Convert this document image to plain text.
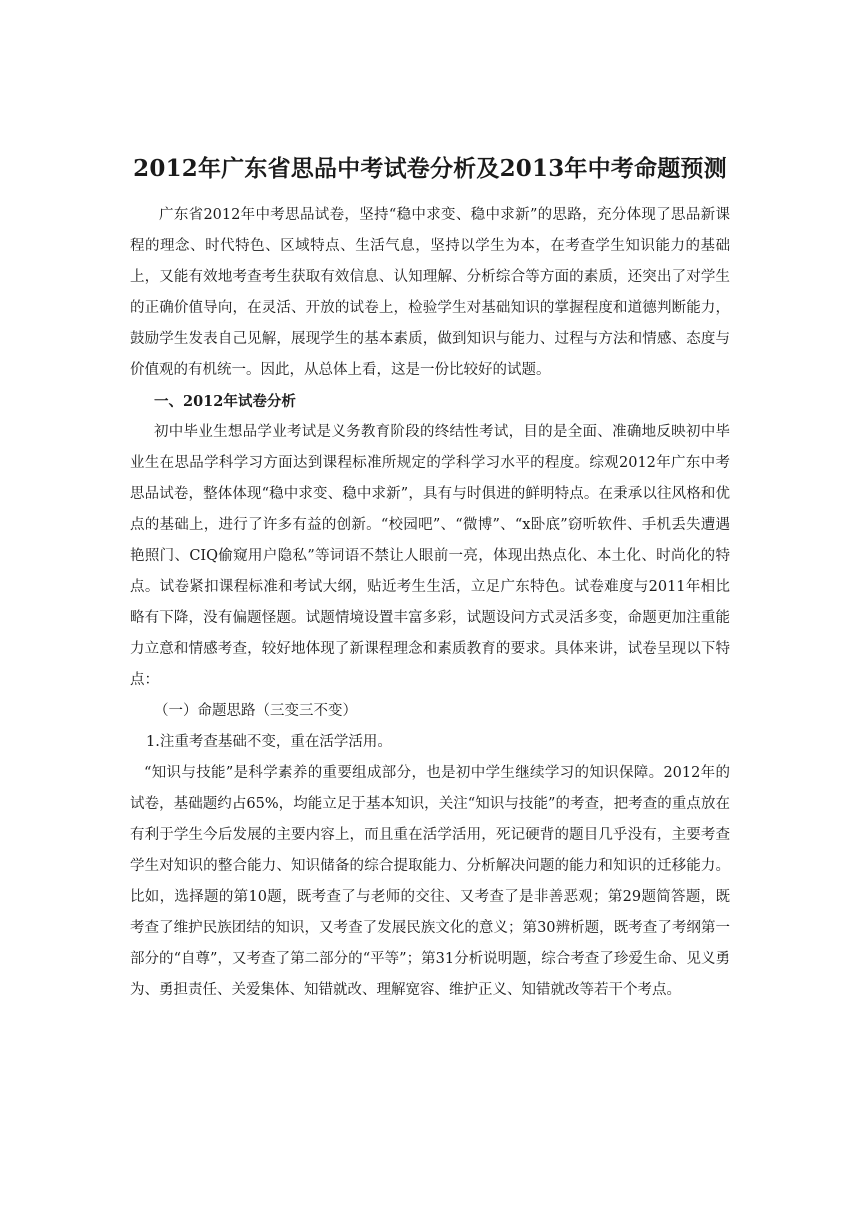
2012年广东省思品中考试卷分析及2013年中考命题预测

广东省2012年中考思品试卷，坚持“稳中求变、稳中求新”的思路，充分体现了思品新课程的理念、时代特色、区域特点、生活气息，坚持以学生为本，在考查学生知识能力的基础上，又能有效地考查考生获取有效信息、认知理解、分析综合等方面的素质，还突出了对学生的正确价值导向，在灵活、开放的试卷上，检验学生对基础知识的掌握程度和道德判断能力，鼓励学生发表自己见解，展现学生的基本素质，做到知识与能力、过程与方法和情感、态度与价值观的有机统一。因此，从总体上看，这是一份比较好的试题。

一、2012年试卷分析

初中毕业生想品学业考试是义务教育阶段的终结性考试，目的是全面、准确地反映初中毕业生在思品学科学习方面达到课程标准所规定的学科学习水平的程度。综观2012年广东中考思品试卷，整体体现“稳中求变、稳中求新”，具有与时俱进的鲜明特点。在秉承以往风格和优点的基础上，进行了许多有益的创新。“校园吧”、“微博”、“x卧底”窃听软件、手机丢失遭遇艳照门、CIQ偷窥用户隐私”等词语不禁让人眼前一亮，体现出热点化、本土化、时尚化的特点。试卷紧扣课程标准和考试大纲，贴近考生生活，立足广东特色。试卷难度与2011年相比略有下降，没有偏题怪题。试题情境设置丰富多彩，试题设问方式灵活多变，命题更加注重能力立意和情感考查，较好地体现了新课程理念和素质教育的要求。具体来讲，试卷呈现以下特点：

（一）命题思路（三变三不变）

1.注重考查基础不变，重在活学活用。

“知识与技能”是科学素养的重要组成部分，也是初中学生继续学习的知识保障。2012年的试卷，基础题约占65%，均能立足于基本知识，关注“知识与技能”的考查，把考查的重点放在有利于学生今后发展的主要内容上，而且重在活学活用，死记硬背的题目几乎没有，主要考查学生对知识的整合能力、知识储备的综合提取能力、分析解决问题的能力和知识的迁移能力。比如，选择题的第10题，既考查了与老师的交往、又考查了是非善恶观；第29题简答题，既考查了维护民族团结的知识，又考查了发展民族文化的意义；第30辨析题，既考查了考纲第一部分的“自尊”，又考查了第二部分的“平等”；第31分析说明题，综合考查了珍爱生命、见义勇为、勇担责任、关爱集体、知错就改、理解宽容、维护正义、知错就改等若干个考点。
